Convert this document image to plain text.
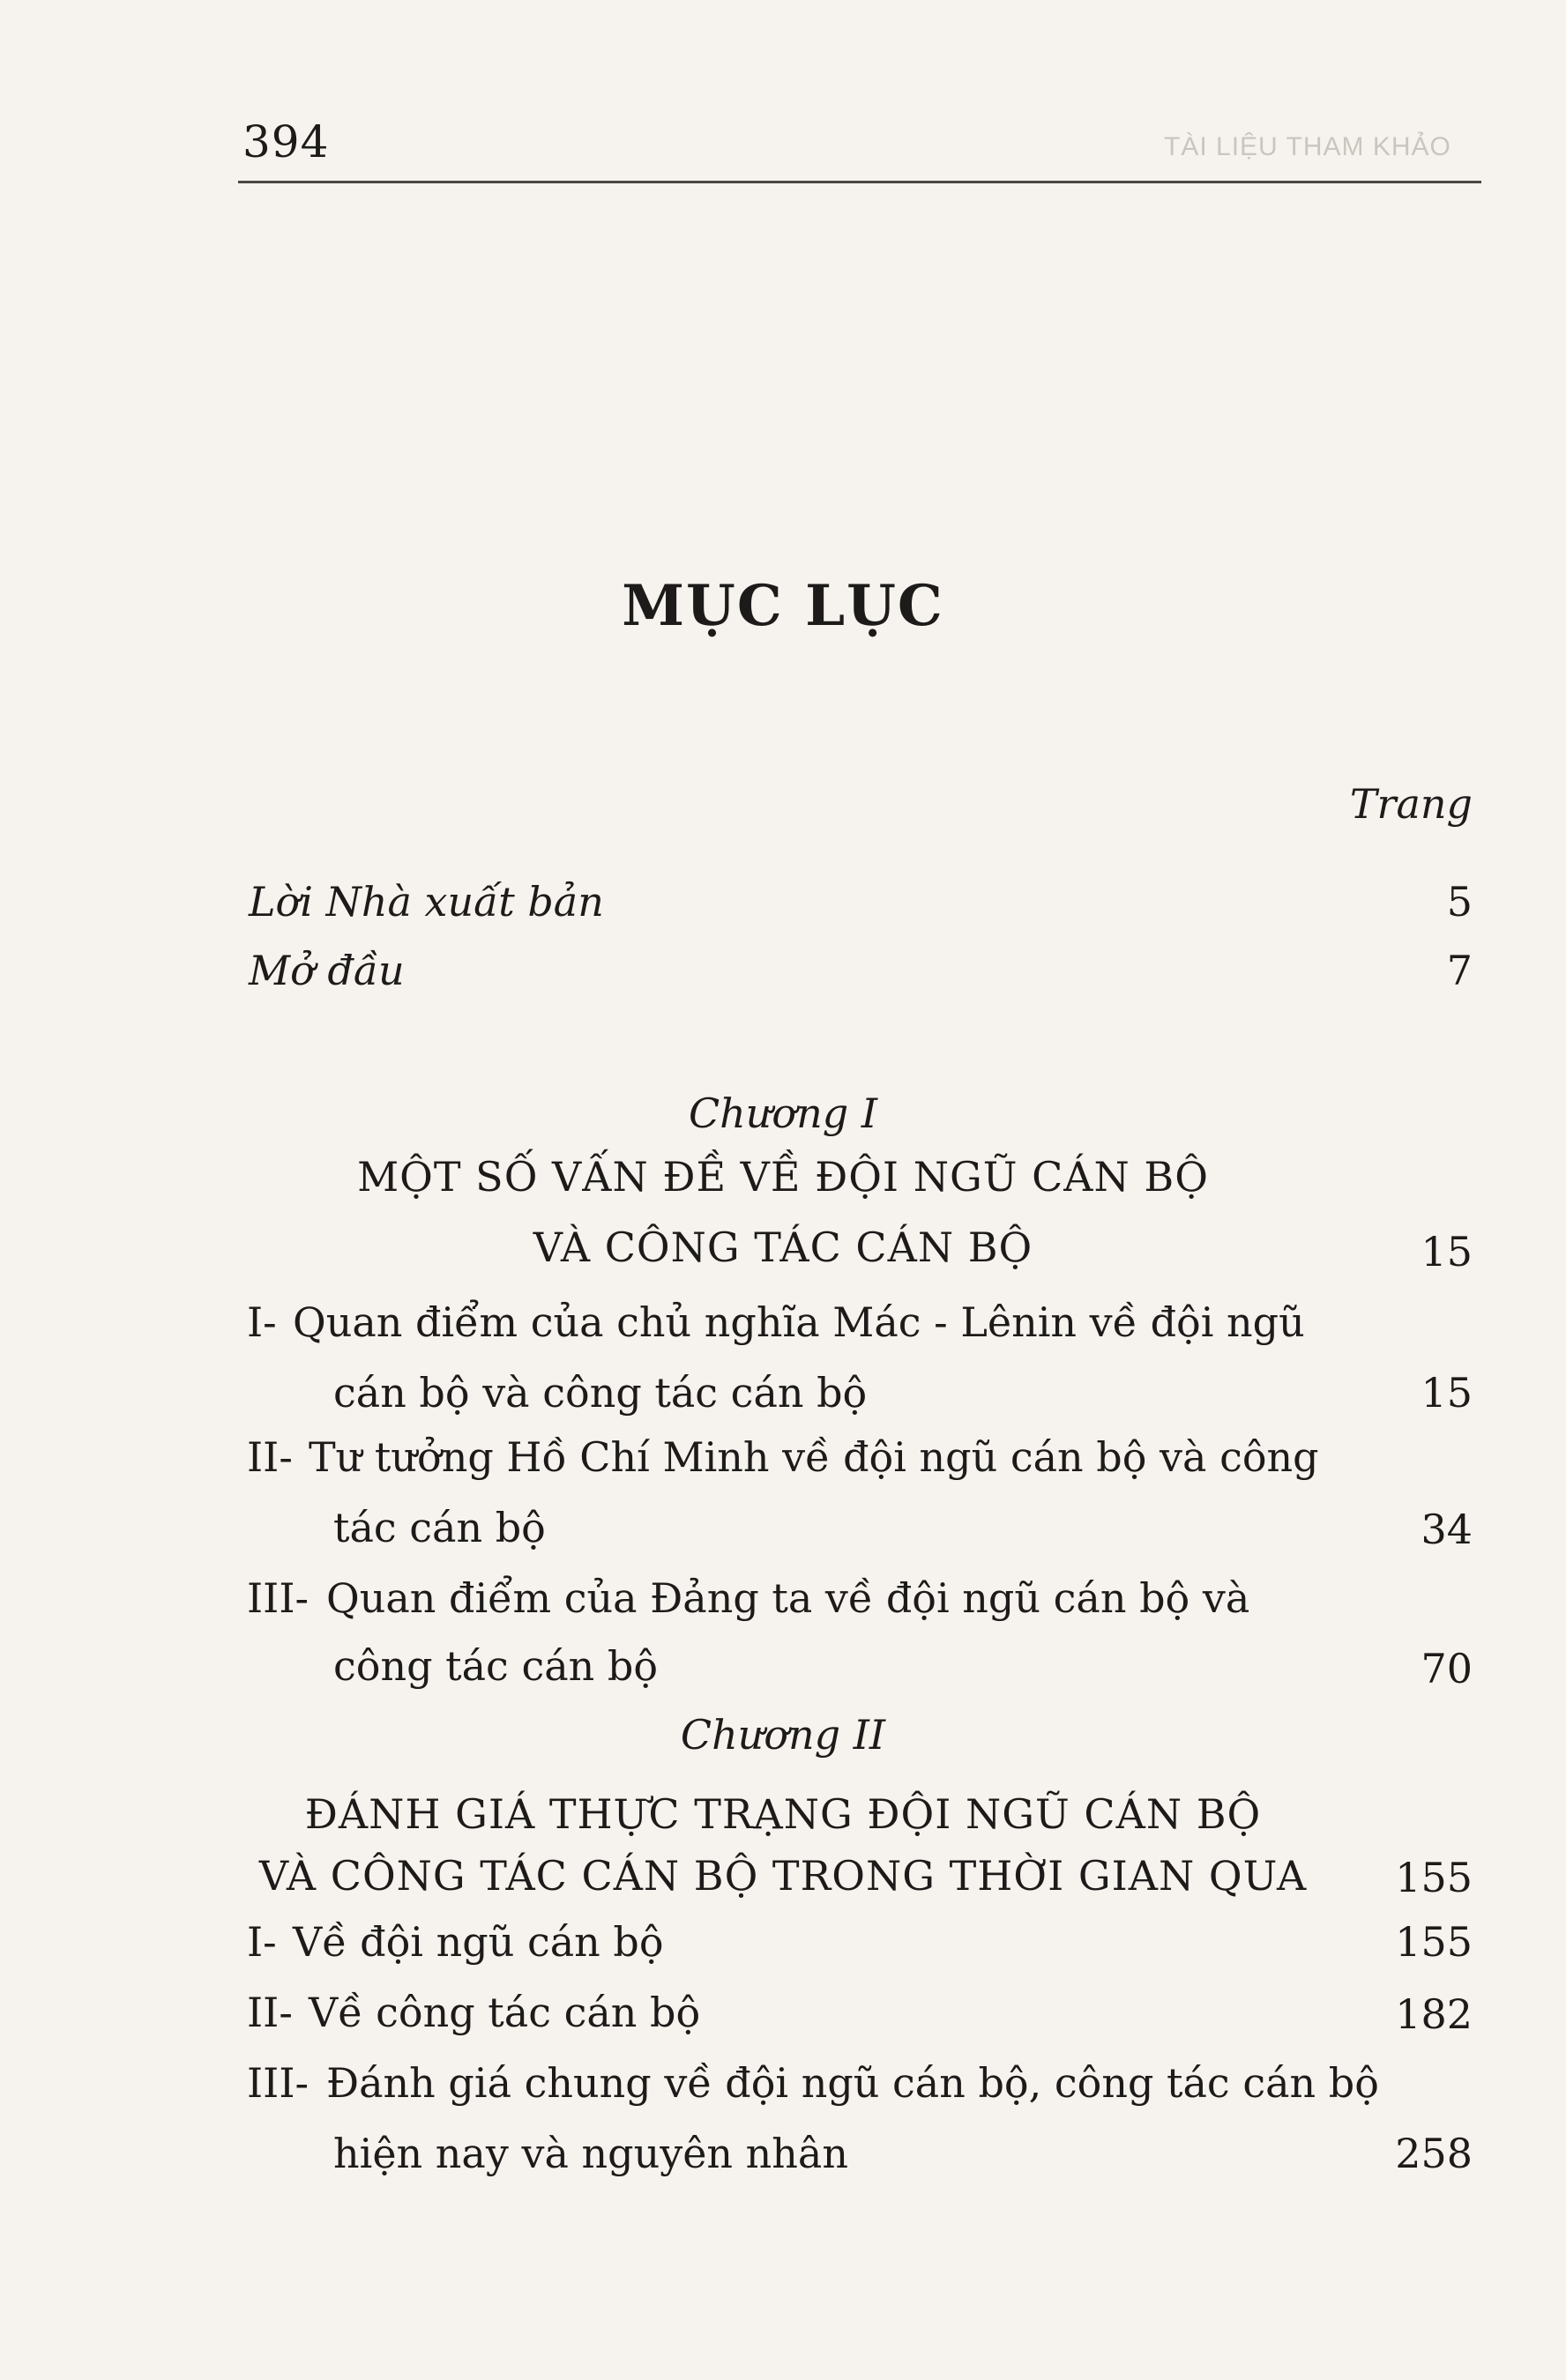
394	TÀI LIỆU THAM KHẢO
MỤC LỤC
Trang
Lời Nhà xuất bản	5
Mở đầu	7
Chương I
MỘT SỐ VẤN ĐỀ VỀ ĐỘI NGŨ CÁN BỘ
VÀ CÔNG TÁC CÁN BỘ	15
I- Quan điểm của chủ nghĩa Mác - Lênin về đội ngũ
cán bộ và công tác cán bộ	15
II- Tư tưởng Hồ Chí Minh về đội ngũ cán bộ và công
tác cán bộ	34
III- Quan điểm của Đảng ta về đội ngũ cán bộ và
công tác cán bộ	70
Chương II
ĐÁNH GIÁ THỰC TRẠNG ĐỘI NGŨ CÁN BỘ
VÀ CÔNG TÁC CÁN BỘ TRONG THỜI GIAN QUA	155
I- Về đội ngũ cán bộ	155
II- Về công tác cán bộ	182
III- Đánh giá chung về đội ngũ cán bộ, công tác cán bộ
hiện nay và nguyên nhân	258
